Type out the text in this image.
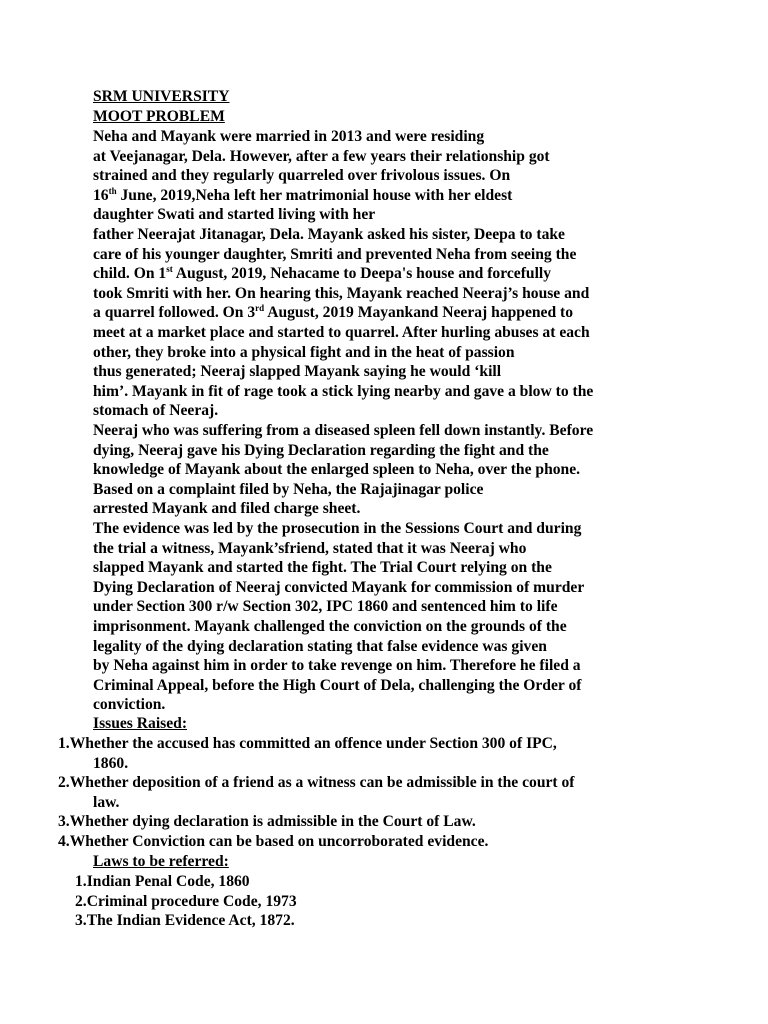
SRM UNIVERSITY
MOOT PROBLEM
Neha and Mayank were married in 2013 and were residing
at Veejanagar, Dela. However, after a few years their relationship got
strained and they regularly quarreled over frivolous issues. On
16th June, 2019,Neha left her matrimonial house with her eldest
daughter Swati and started living with her
father Neerajat Jitanagar, Dela. Mayank asked his sister, Deepa to take
care of his younger daughter, Smriti and prevented Neha from seeing the
child. On 1st August, 2019, Nehacame to Deepa's house and forcefully
took Smriti with her. On hearing this, Mayank reached Neeraj’s house and
a quarrel followed. On 3rd August, 2019 Mayankand Neeraj happened to
meet at a market place and started to quarrel. After hurling abuses at each
other, they broke into a physical fight and in the heat of passion
thus generated; Neeraj slapped Mayank saying he would ‘kill
him’. Mayank in fit of rage took a stick lying nearby and gave a blow to the
stomach of Neeraj.
Neeraj who was suffering from a diseased spleen fell down instantly. Before
dying, Neeraj gave his Dying Declaration regarding the fight and the
knowledge of Mayank about the enlarged spleen to Neha, over the phone.
Based on a complaint filed by Neha, the Rajajinagar police
arrested Mayank and filed charge sheet.
The evidence was led by the prosecution in the Sessions Court and during
the trial a witness, Mayank’sfriend, stated that it was Neeraj who
slapped Mayank and started the fight. The Trial Court relying on the
Dying Declaration of Neeraj convicted Mayank for commission of murder
under Section 300 r/w Section 302, IPC 1860 and sentenced him to life
imprisonment. Mayank challenged the conviction on the grounds of the
legality of the dying declaration stating that false evidence was given
by Neha against him in order to take revenge on him. Therefore he filed a
Criminal Appeal, before the High Court of Dela, challenging the Order of
conviction.
Issues Raised:
1.Whether the accused has committed an offence under Section 300 of IPC,
1860.
2.Whether deposition of a friend as a witness can be admissible in the court of
law.
3.Whether dying declaration is admissible in the Court of Law.
4.Whether Conviction can be based on uncorroborated evidence.
Laws to be referred:
1.Indian Penal Code, 1860
2.Criminal procedure Code, 1973
3.The Indian Evidence Act, 1872.
